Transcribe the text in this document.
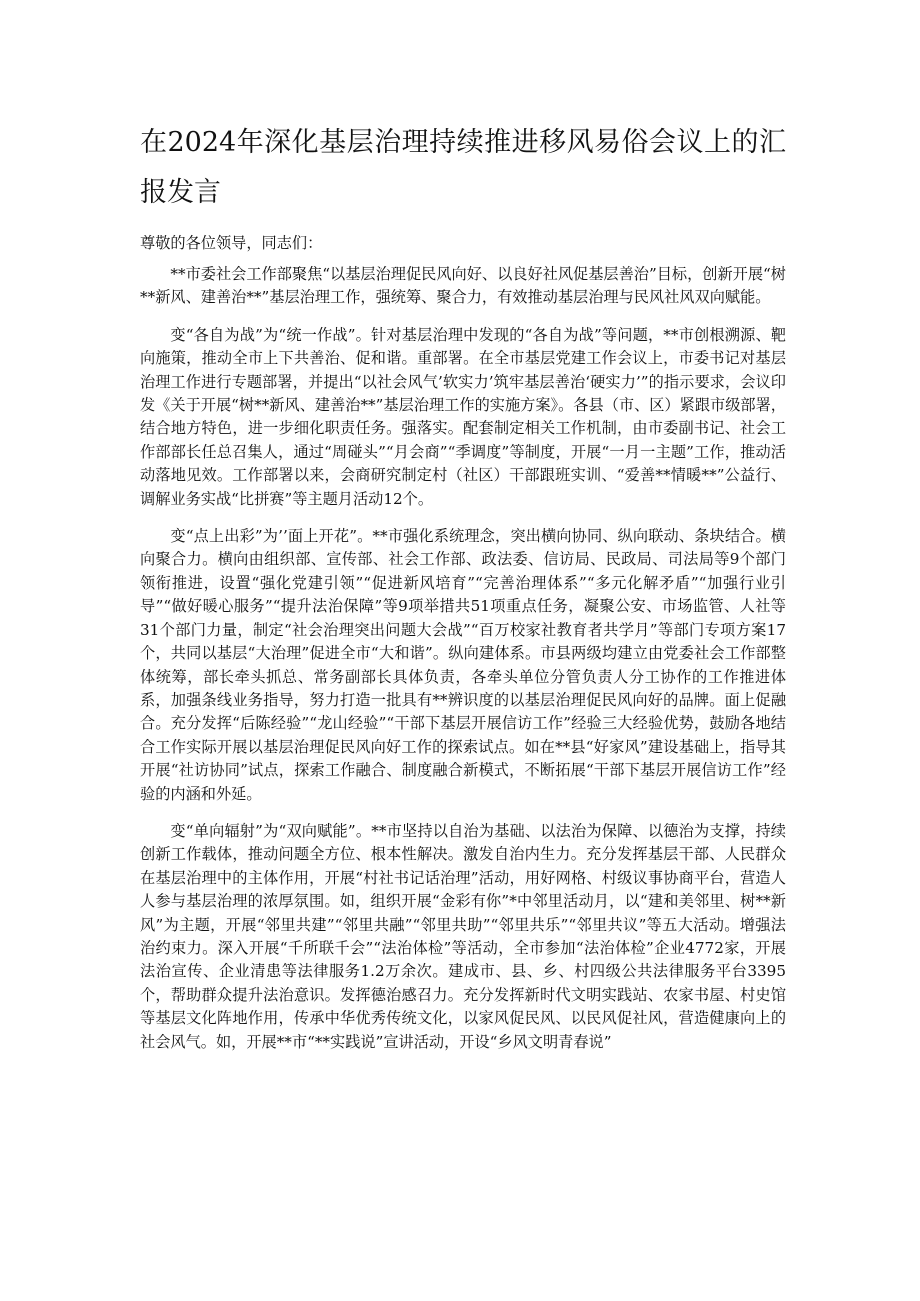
在2024年深化基层治理持续推进移风易俗会议上的汇报发言

尊敬的各位领导，同志们：

**市委社会工作部聚焦“以基层治理促民风向好、以良好社风促基层善治”目标，创新开展“树**新风、建善治**”基层治理工作，强统筹、聚合力，有效推动基层治理与民风社风双向赋能。

变“各自为战”为“统一作战”。针对基层治理中发现的“各自为战”等问题，**市创根溯源、靶向施策，推动全市上下共善治、促和谐。重部署。在全市基层党建工作会议上，市委书记对基层治理工作进行专题部署，并提出“以社会风气’软实力’筑牢基层善治‘硬实力’”的指示要求，会议印发《关于开展“树**新风、建善治**”基层治理工作的实施方案》。各县（市、区）紧跟市级部署，结合地方特色，进一步细化职责任务。强落实。配套制定相关工作机制，由市委副书记、社会工作部部长任总召集人，通过“周碰头”“月会商”“季调度”等制度，开展“一月一主题”工作，推动活动落地见效。工作部署以来，会商研究制定村（社区）干部跟班实训、“爱善**情暖**”公益行、调解业务实战“比拼赛”等主题月活动12个。

变“点上出彩”为’’面上开花”。**市强化系统理念，突出横向协同、纵向联动、条块结合。横向聚合力。横向由组织部、宣传部、社会工作部、政法委、信访局、民政局、司法局等9个部门领衔推进，设置“强化党建引领”“促进新风培育”“完善治理体系”“多元化解矛盾”“加强行业引导”“做好暖心服务”“提升法治保障”等9项举措共51项重点任务，凝聚公安、市场监管、人社等31个部门力量，制定“社会治理突出问题大会战”“百万校家社教育者共学月”等部门专项方案17个，共同以基层“大治理”促进全市“大和谐”。纵向建体系。市县两级均建立由党委社会工作部整体统筹，部长牵头抓总、常务副部长具体负责，各牵头单位分管负责人分工协作的工作推进体系，加强条线业务指导，努力打造一批具有**辨识度的以基层治理促民风向好的品牌。面上促融合。充分发挥“后陈经验”“龙山经验”“干部下基层开展信访工作”经验三大经验优势，鼓励各地结合工作实际开展以基层治理促民风向好工作的探索试点。如在**县“好家风”建设基础上，指导其开展“社访协同”试点，探索工作融合、制度融合新模式，不断拓展“干部下基层开展信访工作”经验的内涵和外延。

变“单向辐射”为“双向赋能”。**市坚持以自治为基础、以法治为保障、以德治为支撑，持续创新工作载体，推动问题全方位、根本性解决。激发自治内生力。充分发挥基层干部、人民群众在基层治理中的主体作用，开展“村社书记话治理”活动，用好网格、村级议事协商平台，营造人人参与基层治理的浓厚氛围。如，组织开展“金彩有你”*中邻里活动月，以“建和美邻里、树**新风”为主题，开展“邻里共建”“邻里共融”“邻里共助”“邻里共乐”“邻里共议”等五大活动。增强法治约束力。深入开展“千所联千会”“法治体检”等活动，全市参加“法治体检”企业4772家，开展法治宣传、企业清患等法律服务1.2万余次。建成市、县、乡、村四级公共法律服务平台3395个，帮助群众提升法治意识。发挥德治感召力。充分发挥新时代文明实践站、农家书屋、村史馆等基层文化阵地作用，传承中华优秀传统文化，以家风促民风、以民风促社风，营造健康向上的社会风气。如，开展**市“**实践说”宣讲活动，开设“乡风文明青春说”
